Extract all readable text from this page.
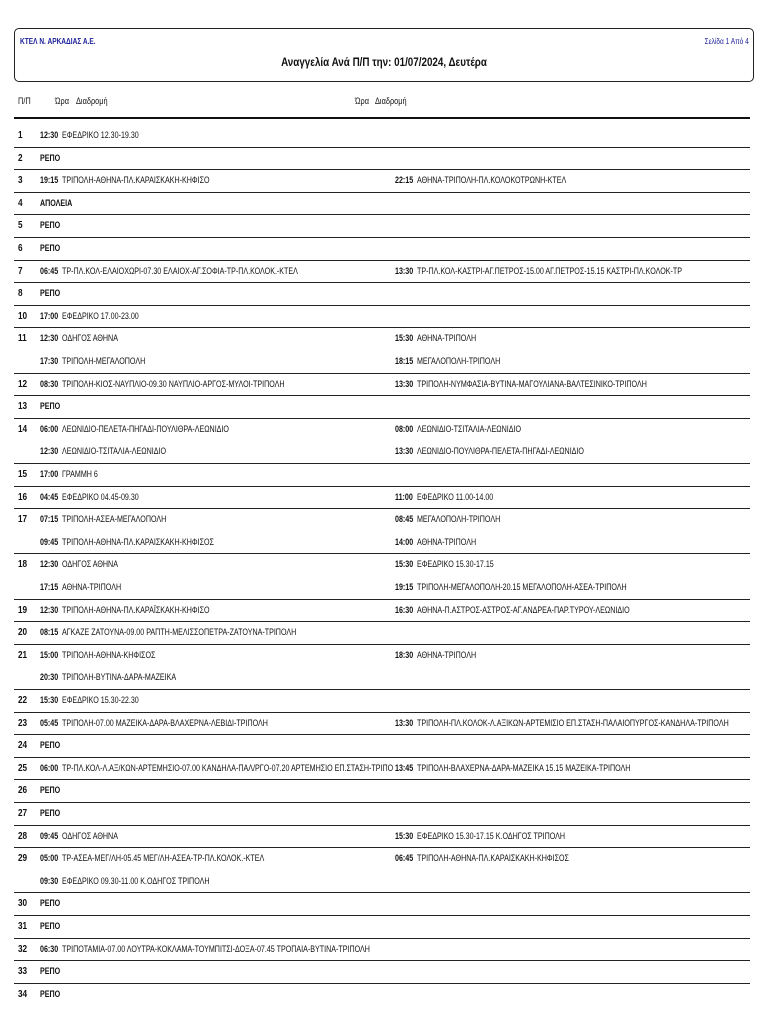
ΚΤΕΛ Ν. ΑΡΚΑΔΙΑΣ Α.Ε.	Σελίδα 1 Από 4
Αναγγελία Ανά Π/Π την: 01/07/2024, Δευτέρα
Π/Π	Ώρα Διαδρομή	Ώρα Διαδρομή
1 12:30 ΕΦΕΔΡΙΚΟ 12.30-19.30
2 ΡΕΠΟ
3 19:15 ΤΡΙΠΟΛΗ-ΑΘΗΝΑ-ΠΛ.ΚΑΡΑΙΣΚΑΚΗ-ΚΗΦΙΣΟ	22:15 ΑΘΗΝΑ-ΤΡΙΠΟΛΗ-ΠΛ.ΚΟΛΟΚΟΤΡΩΝΗ-ΚΤΕΛ
4 ΑΠΟΛΕΙΑ
5 ΡΕΠΟ
6 ΡΕΠΟ
7 06:45 ΤΡ-ΠΛ.ΚΟΛ-ΕΛΑΙΟΧΩΡΙ-07.30 ΕΛΑΙΟΧ-ΑΓ.ΣΟΦΙΑ-ΤΡ-ΠΛ.ΚΟΛΟΚ.-ΚΤΕΛ	13:30 ΤΡ-ΠΛ.ΚΟΛ-ΚΑΣΤΡΙ-ΑΓ.ΠΕΤΡΟΣ-15.00 ΑΓ.ΠΕΤΡΟΣ-15.15 ΚΑΣΤΡΙ-ΠΛ.ΚΟΛΟΚ-ΤΡ
8 ΡΕΠΟ
10 17:00 ΕΦΕΔΡΙΚΟ 17.00-23.00
11 12:30 ΟΔΗΓΟΣ ΑΘΗΝΑ	15:30 ΑΘΗΝΑ-ΤΡΙΠΟΛΗ
17:30 ΤΡΙΠΟΛΗ-ΜΕΓΑΛΟΠΟΛΗ	18:15 ΜΕΓΑΛΟΠΟΛΗ-ΤΡΙΠΟΛΗ
12 08:30 ΤΡΙΠΟΛΗ-ΚΙΟΣ-ΝΑΥΠΛΙΟ-09.30 ΝΑΥΠΛΙΟ-ΑΡΓΟΣ-ΜΥΛΟΙ-ΤΡΙΠΟΛΗ	13:30 ΤΡΙΠΟΛΗ-ΝΥΜΦΑΣΙΑ-ΒΥΤΙΝΑ-ΜΑΓΟΥΛΙΑΝΑ-ΒΑΛΤΕΣΙΝΙΚΟ-ΤΡΙΠΟΛΗ
13 ΡΕΠΟ
14 06:00 ΛΕΩΝΙΔΙΟ-ΠΕΛΕΤΑ-ΠΗΓΑΔΙ-ΠΟΥΛΙΘΡΑ-ΛΕΩΝΙΔΙΟ	08:00 ΛΕΩΝΙΔΙΟ-ΤΣΙΤΑΛΙΑ-ΛΕΩΝΙΔΙΟ
12:30 ΛΕΩΝΙΔΙΟ-ΤΣΙΤΑΛΙΑ-ΛΕΩΝΙΔΙΟ	13:30 ΛΕΩΝΙΔΙΟ-ΠΟΥΛΙΘΡΑ-ΠΕΛΕΤΑ-ΠΗΓΑΔΙ-ΛΕΩΝΙΔΙΟ
15 17:00 ΓΡΑΜΜΗ 6
16 04:45 ΕΦΕΔΡΙΚΟ 04.45-09.30	11:00 ΕΦΕΔΡΙΚΟ 11.00-14.00
17 07:15 ΤΡΙΠΟΛΗ-ΑΣΕΑ-ΜΕΓΑΛΟΠΟΛΗ	08:45 ΜΕΓΑΛΟΠΟΛΗ-ΤΡΙΠΟΛΗ
09:45 ΤΡΙΠΟΛΗ-ΑΘΗΝΑ-ΠΛ.ΚΑΡΑΙΣΚΑΚΗ-ΚΗΦΙΣΟΣ	14:00 ΑΘΗΝΑ-ΤΡΙΠΟΛΗ
18 12:30 ΟΔΗΓΟΣ ΑΘΗΝΑ	15:30 ΕΦΕΔΡΙΚΟ 15.30-17.15
17:15 ΑΘΗΝΑ-ΤΡΙΠΟΛΗ	19:15 ΤΡΙΠΟΛΗ-ΜΕΓΑΛΟΠΟΛΗ-20.15 ΜΕΓΑΛΟΠΟΛΗ-ΑΣΕΑ-ΤΡΙΠΟΛΗ
19 12:30 ΤΡΙΠΟΛΗ-ΑΘΗΝΑ-ΠΛ.ΚΑΡΑΪΣΚΑΚΗ-ΚΗΦΙΣΟ	16:30 ΑΘΗΝΑ-Π.ΑΣΤΡΟΣ-ΑΣΤΡΟΣ-ΑΓ.ΑΝΔΡΕΑ-ΠΑΡ.ΤΥΡΟΥ-ΛΕΩΝΙΔΙΟ
20 08:15 ΑΓΚΑΖΕ ΖΑΤΟΥΝΑ-09.00 ΡΑΠΤΗ-ΜΕΛΙΣΣΟΠΕΤΡΑ-ΖΑΤΟΥΝΑ-ΤΡΙΠΟΛΗ
21 15:00 ΤΡΙΠΟΛΗ-ΑΘΗΝΑ-ΚΗΦΙΣΟΣ	18:30 ΑΘΗΝΑ-ΤΡΙΠΟΛΗ
20:30 ΤΡΙΠΟΛΗ-ΒΥΤΙΝΑ-ΔΑΡΑ-ΜΑΖΕΙΚΑ
22 15:30 ΕΦΕΔΡΙΚΟ 15.30-22.30
23 05:45 ΤΡΙΠΟΛΗ-07.00 ΜΑΖΕΙΚΑ-ΔΑΡΑ-ΒΛΑΧΕΡΝΑ-ΛΕΒΙΔΙ-ΤΡΙΠΟΛΗ	13:30 ΤΡΙΠΟΛΗ-ΠΛ.ΚΟΛΟΚ-Λ.ΑΞΙΚΩΝ-ΑΡΤΕΜΙΣΙΟ ΕΠ.ΣΤΑΣΗ-ΠΑΛΑΙΟΠΥΡΓΟΣ-ΚΑΝΔΗΛΑ-ΤΡΙΠΟΛΗ
24 ΡΕΠΟ
25 06:00 ΤΡ-ΠΛ.ΚΟΛ-Λ.ΑΞ/ΚΩΝ-ΑΡΤΕΜΗΣΙΟ-07.00 ΚΑΝΔΗΛΑ-ΠΑΛ/ΡΓΟ-07.20 ΑΡΤΕΜΗΣΙΟ ΕΠ.ΣΤΑΣΗ-ΤΡΙΠΟ 13:45 ΤΡΙΠΟΛΗ-ΒΛΑΧΕΡΝΑ-ΔΑΡΑ-ΜΑΖΕΙΚΑ 15.15 ΜΑΖΕΙΚΑ-ΤΡΙΠΟΛΗ
26 ΡΕΠΟ
27 ΡΕΠΟ
28 09:45 ΟΔΗΓΟΣ ΑΘΗΝΑ	15:30 ΕΦΕΔΡΙΚΟ 15.30-17.15 Κ.ΟΔΗΓΟΣ ΤΡΙΠΟΛΗ
29 05:00 ΤΡ-ΑΣΕΑ-ΜΕΓ/ΛΗ-05.45 ΜΕΓ/ΛΗ-ΑΣΕΑ-ΤΡ-ΠΛ.ΚΟΛΟΚ.-ΚΤΕΛ	06:45 ΤΡΙΠΟΛΗ-ΑΘΗΝΑ-ΠΛ.ΚΑΡΑΙΣΚΑΚΗ-ΚΗΦΙΣΟΣ
09:30 ΕΦΕΔΡΙΚΟ 09.30-11.00 Κ.ΟΔΗΓΟΣ ΤΡΙΠΟΛΗ
30 ΡΕΠΟ
31 ΡΕΠΟ
32 06:30 ΤΡΙΠΟΤΑΜΙΑ-07.00 ΛΟΥΤΡΑ-ΚΟΚΛΑΜΑ-ΤΟΥΜΠΙΤΣΙ-ΔΟΞΑ-07.45 ΤΡΟΠΑΙΑ-ΒΥΤΙΝΑ-ΤΡΙΠΟΛΗ
33 ΡΕΠΟ
34 ΡΕΠΟ
